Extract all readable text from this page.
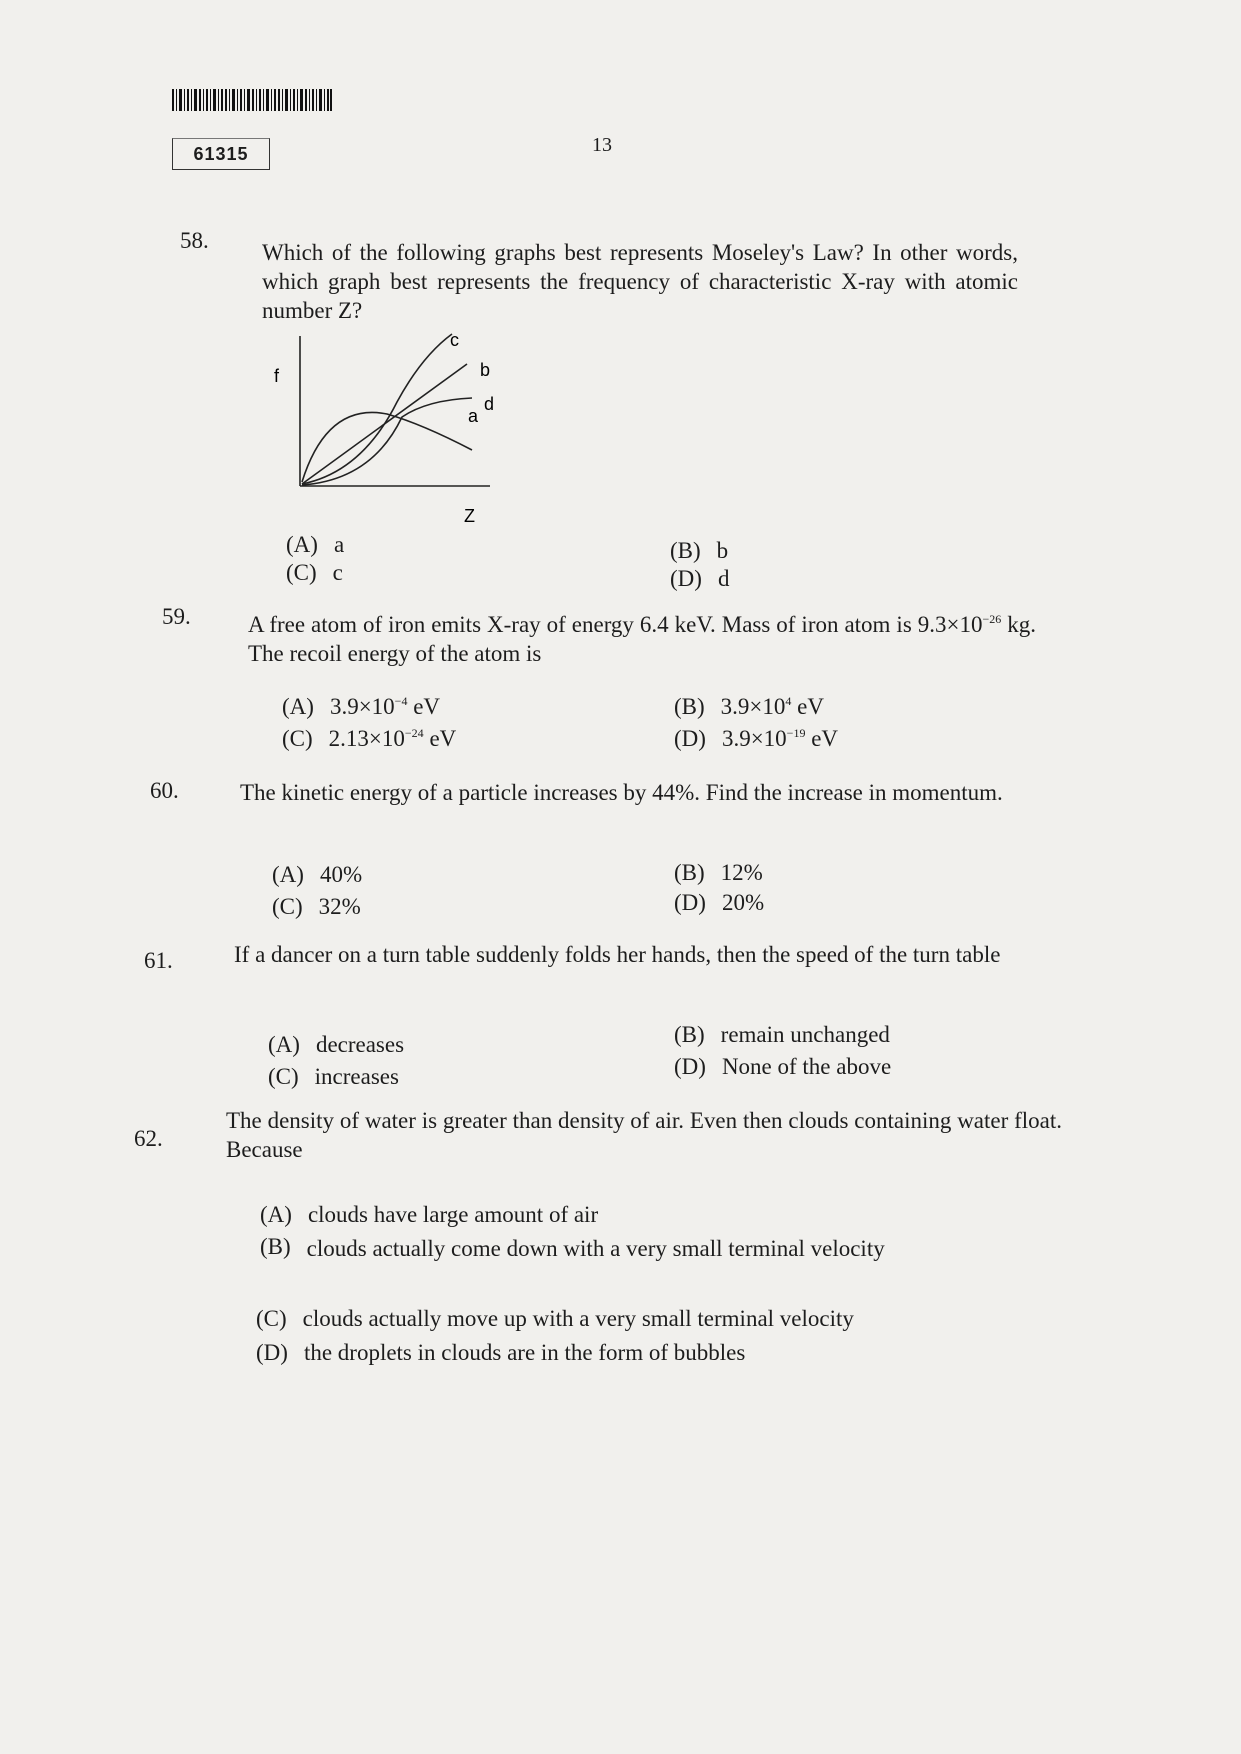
61315	13
58. Which of the following graphs best represents Moseley's Law? In other words, which graph best represents the frequency of characteristic X-ray with atomic number Z?
f
a
b
c
d
Z
(A) a
(C) c
(B) b
(D) d
59. A free atom of iron emits X-ray of energy 6.4 keV. Mass of iron atom is $9.3\times 10^{-26}$ kg. The recoil energy of the atom is
(A) $3.9\times 10^{-4}$ eV
(C) $2.13\times 10^{-24}$ eV
(B) $3.9\times 10^4$ eV
(D) $3.9\times 10^{-19}$ eV
60.	The kinetic energy of a particle increases by 44%. Find the increase in momentum.
(A) 40%
(C) 32%
(B) 12%
(D) 20%
61.	If a dancer on a turn table suddenly folds her hands, then the speed of the turn table
(A) decreases
(C) increases
(B) remain unchanged
(D) None of the above
62.
The density of water is greater than density of air. Even then clouds containing water float. Because
(A) clouds have large amount of air
(B) clouds actually come down with a very small terminal velocity
(C) clouds actually move up with a very small terminal velocity
(D) the droplets in clouds are in the form of bubbles
